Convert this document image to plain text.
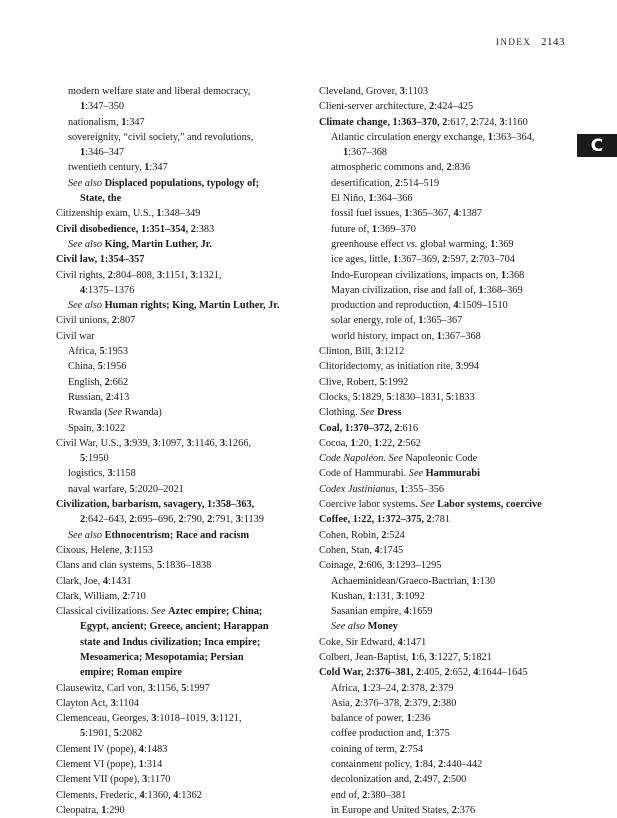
INDEX 2143
C
modern welfare state and liberal democracy,
1:347–350
nationalism, 1:347
sovereignity, “civil society,” and revolutions,
1:346–347
twentieth century, 1:347
See also Displaced populations, typology of;
State, the
Citizenship exam, U.S., 1:348–349
Civil disobedience, 1:351–354, 2:383
See also King, Martin Luther, Jr.
Civil law, 1:354–357
Civil rights, 2:804–808, 3:1151, 3:1321,
4:1375–1376
See also Human rights; King, Martin Luther, Jr.
Civil unions, 2:807
Civil war
Africa, 5:1953
China, 5:1956
English, 2:662
Russian, 2:413
Rwanda (See Rwanda)
Spain, 3:1022
Civil War, U.S., 3:939, 3:1097, 3:1146, 3:1266,
5:1950
logistics, 3:1158
naval warfare, 5:2020–2021
Civilization, barbarism, savagery, 1:358–363,
2:642–643, 2:695–696, 2:790, 2:791, 3:1139
See also Ethnocentrism; Race and racism
Cixous, Helene, 3:1153
Clans and clan systems, 5:1836–1838
Clark, Joe, 4:1431
Clark, William, 2:710
Classical civilizations. See Aztec empire; China;
Egypt, ancient; Greece, ancient; Harappan
state and Indus civilization; Inca empire;
Mesoamerica; Mesopotamia; Persian
empire; Roman empire
Clausewitz, Carl von, 3:1156, 5:1997
Clayton Act, 3:1104
Clemenceau, Georges, 3:1018–1019, 3:1121,
5:1901, 5:2082
Clement IV (pope), 4:1483
Clement VI (pope), 1:314
Clement VII (pope), 3:1170
Clements, Frederic, 4:1360, 4:1362
Cleopatra, 1:290
Cleveland, Grover, 3:1103
Client-server architecture, 2:424–425
Climate change, 1:363–370, 2:617, 2:724, 3:1160
Atlantic circulation energy exchange, 1:363–364,
1:367–368
atmospheric commons and, 2:836
desertification, 2:514–519
El Niño, 1:364–366
fossil fuel issues, 1:365–367, 4:1387
future of, 1:369–370
greenhouse effect vs. global warming, 1:369
ice ages, little, 1:367–369, 2:597, 2:703–704
Indo-European civilizations, impacts on, 1:368
Mayan civilization, rise and fall of, 1:368–369
production and reproduction, 4:1509–1510
solar energy, role of, 1:365–367
world history, impact on, 1:367–368
Clinton, Bill, 3:1212
Clitoridectomy, as initiation rite, 3:994
Clive, Robert, 5:1992
Clocks, 5:1829, 5:1830–1831, 5:1833
Clothing. See Dress
Coal, 1:370–372, 2:616
Cocoa, 1:20, 1:22, 2:562
Code Napoléon. See Napoleonic Code
Code of Hammurabi. See Hammurabi
Codex Justinianus, 1:355–356
Coercive labor systems. See Labor systems, coercive
Coffee, 1:22, 1:372–375, 2:781
Cohen, Robin, 2:524
Cohen, Stan, 4:1745
Coinage, 2:606, 3:1293–1295
Achaeminidean/Graeco-Bactrian, 1:130
Kushan, 1:131, 3:1092
Sasanian empire, 4:1659
See also Money
Coke, Sir Edward, 4:1471
Colbert, Jean-Baptist, 1:6, 3:1227, 5:1821
Cold War, 2:376–381, 2:405, 2:652, 4:1644–1645
Africa, 1:23–24, 2:378, 2:379
Asia, 2:376–378, 2:379, 2:380
balance of power, 1:236
coffee production and, 1:375
coining of term, 2:754
containment policy, 1:84, 2:440–442
decolonization and, 2:497, 2:500
end of, 2:380–381
in Europe and United States, 2:376
